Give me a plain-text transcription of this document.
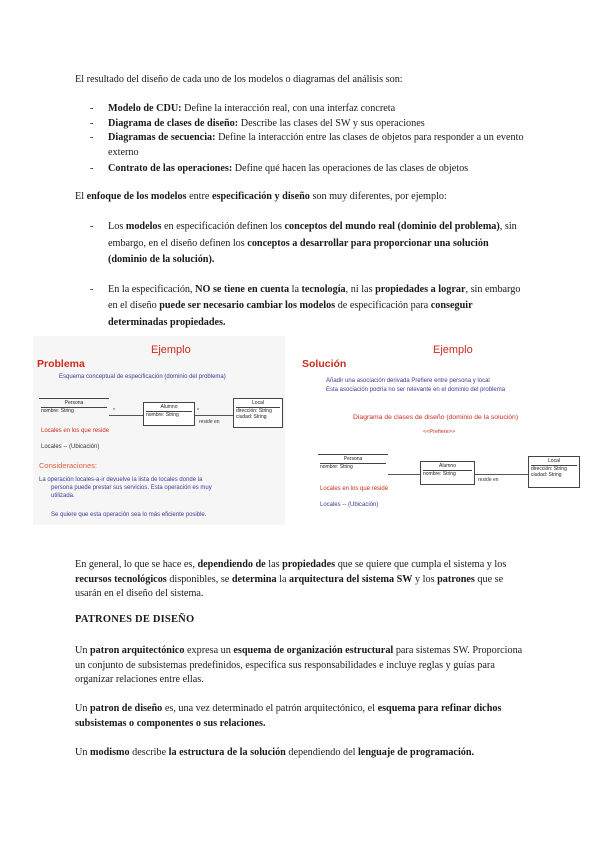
El resultado del diseño de cada uno de los modelos o diagramas del análisis son:

- Modelo de CDU: Define la interacción real, con una interfaz concreta
- Diagrama de clases de diseño: Describe las clases del SW y sus operaciones
- Diagramas de secuencia: Define la interacción entre las clases de objetos para responder a un evento externo
- Contrato de las operaciones: Define qué hacen las operaciones de las clases de objetos

El enfoque de los modelos entre especificación y diseño son muy diferentes, por ejemplo:

- Los modelos en especificación definen los conceptos del mundo real (dominio del problema), sin embargo, en el diseño definen los conceptos a desarrollar para proporcionar una solución (dominio de la solución).
- En la especificación, NO se tiene en cuenta la tecnología, ni las propiedades a lograr, sin embargo en el diseño puede ser necesario cambiar los modelos de especificación para conseguir determinadas propiedades.
Ejemplo
Problema
Esquema conceptual de especificación (dominio del problema)
Persona
nombre: String	*
Alumno
nombre: String
*
reside en
Local
dirección: String
ciudad: String
Locales en los que reside
Locales -- (Ubicación)
Consideraciones:
La operación locales-a-ir devuelve la lista de locales donde la
persona puede prestar sus servicios. Esta operación es muy
utilizada.
Se quiere que esta operación sea lo más eficiente posible.
Ejemplo
Solución
Añadir una asociación derivada Prefiere entre persona y local
Esta asociación podría no ser relevante en el dominio del problema
Diagrama de clases de diseño (dominio de la solución)
<<Prefiere>>
Persona
nombre: String	Alumno
nombre: String
reside en
Local
dirección: String
ciudad: String
Locales en los que reside
Locales -- (Ubicación)

En general, lo que se hace es, dependiendo de las propiedades que se quiere que cumpla el sistema y los recursos tecnológicos disponibles, se determina la arquitectura del sistema SW y los patrones que se usarán en el diseño del sistema.

PATRONES DE DISEÑO

Un patron arquitectónico expresa un esquema de organización estructural para sistemas SW. Proporciona un conjunto de subsistemas predefinidos, especifica sus responsabilidades e incluye reglas y guías para organizar relaciones entre ellas.

Un patron de diseño es, una vez determinado el patrón arquitectónico, el esquema para refinar dichos subsistemas o componentes o sus relaciones.

Un modismo describe la estructura de la solución dependiendo del lenguaje de programación.
